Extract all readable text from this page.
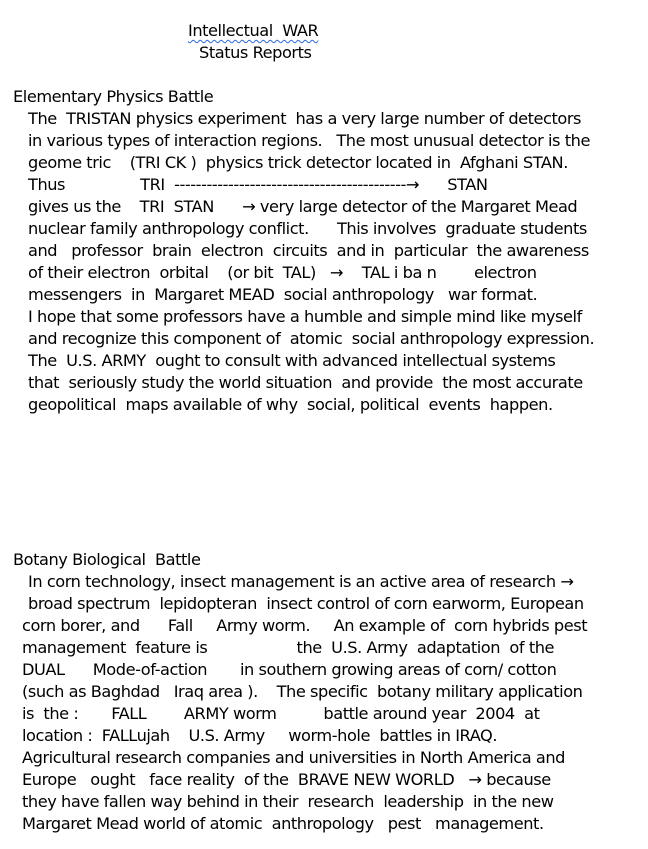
Intellectual  WAR
Status Reports
Elementary Physics Battle
The  TRISTAN physics experiment  has a very large number of detectors
in various types of interaction regions.   The most unusual detector is the
geome tric    (TRI CK )  physics trick detector located in  Afghani STAN.
Thus                TRI  -------------------------------------------→      STAN
gives us the    TRI  STAN      → very large detector of the Margaret Mead
nuclear family anthropology conflict.      This involves  graduate students
and   professor  brain  electron  circuits  and in  particular  the awareness
of their electron  orbital    (or bit  TAL)   →    TAL i ba n        electron
messengers  in  Margaret MEAD  social anthropology   war format.
I hope that some professors have a humble and simple mind like myself
and recognize this component of  atomic  social anthropology expression.
The  U.S. ARMY  ought to consult with advanced intellectual systems
that  seriously study the world situation  and provide  the most accurate
geopolitical  maps available of why  social, political  events  happen.
Botany Biological  Battle
In corn technology, insect management is an active area of research →
broad spectrum  lepidopteran  insect control of corn earworm, European
corn borer, and      Fall     Army worm.     An example of  corn hybrids pest
management  feature is                   the  U.S. Army  adaptation  of the
DUAL      Mode-of-action       in southern growing areas of corn/ cotton
(such as Baghdad   Iraq area ).    The specific  botany military application
is  the :       FALL        ARMY worm          battle around year  2004  at
location :  FALLujah    U.S. Army     worm-hole  battles in IRAQ.
Agricultural research companies and universities in North America and
Europe   ought   face reality  of the  BRAVE NEW WORLD   → because
they have fallen way behind in their  research  leadership  in the new
Margaret Mead world of atomic  anthropology   pest   management.
